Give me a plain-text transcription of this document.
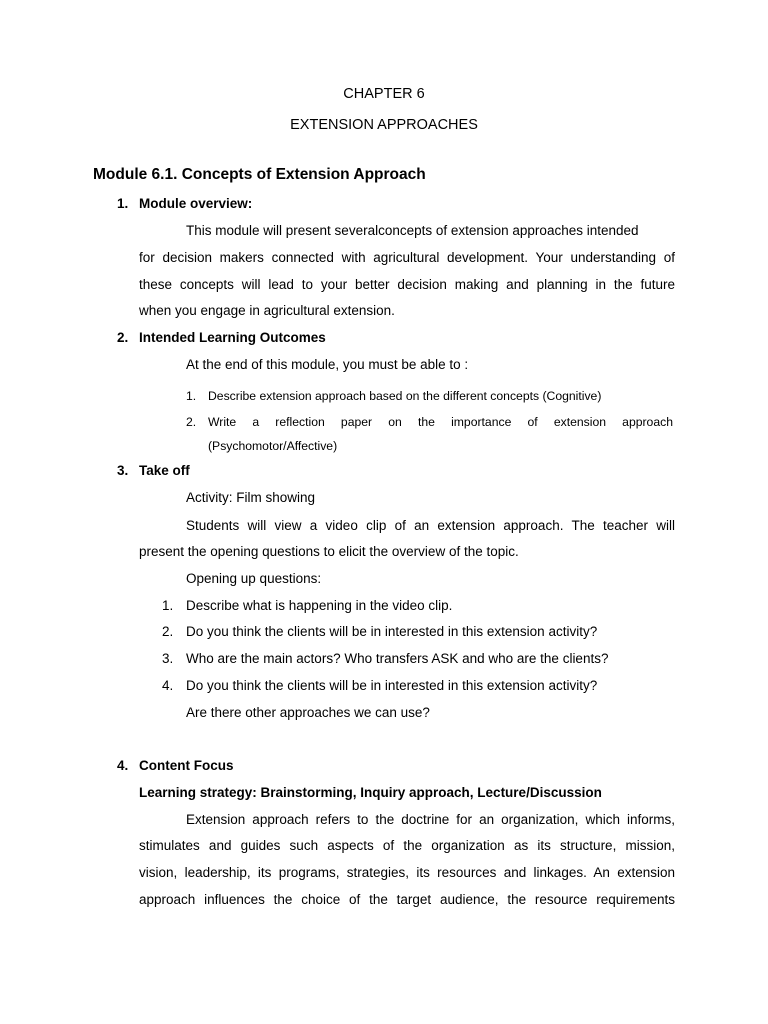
CHAPTER 6
EXTENSION APPROACHES
Module 6.1. Concepts of Extension Approach
1. Module overview:
This module will present severalconcepts of extension approaches intended
for decision makers connected with agricultural development. Your understanding of
these concepts will lead to your better decision making and planning in the future
when you engage in agricultural extension.
2. Intended Learning Outcomes
At the end of this module, you must be able to :
1. Describe extension approach based on the different concepts (Cognitive)
2. Write a reflection paper on the importance of extension approach
(Psychomotor/Affective)
3. Take off
Activity: Film showing
Students will view a video clip of an extension approach. The teacher will
present the opening questions to elicit the overview of the topic.
Opening up questions:
1. Describe what is happening in the video clip.
2. Do you think the clients will be in interested in this extension activity?
3. Who are the main actors? Who transfers ASK and who are the clients?
4. Do you think the clients will be in interested in this extension activity?
Are there other approaches we can use?
4. Content Focus
Learning strategy: Brainstorming, Inquiry approach, Lecture/Discussion
Extension approach refers to the doctrine for an organization, which informs,
stimulates and guides such aspects of the organization as its structure, mission,
vision, leadership, its programs, strategies, its resources and linkages. An extension
approach influences the choice of the target audience, the resource requirements
